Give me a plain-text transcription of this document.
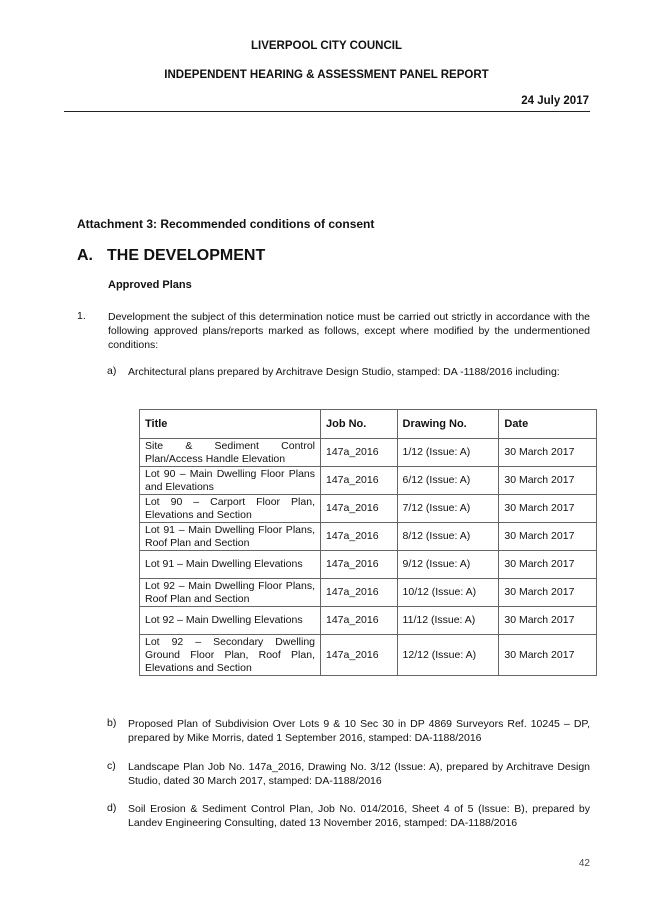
LIVERPOOL CITY COUNCIL
INDEPENDENT HEARING & ASSESSMENT PANEL REPORT
24 July 2017
Attachment 3: Recommended conditions of consent
A. THE DEVELOPMENT
Approved Plans
1. Development the subject of this determination notice must be carried out strictly in accordance with the following approved plans/reports marked as follows, except where modified by the undermentioned conditions:
a) Architectural plans prepared by Architrave Design Studio, stamped: DA -1188/2016 including:
Title	Job No.	Drawing No.	Date
Site & Sediment Control Plan/Access Handle Elevation	147a_2016	1/12 (Issue: A)	30 March 2017
Lot 90 – Main Dwelling Floor Plans and Elevations	147a_2016	6/12 (Issue: A)	30 March 2017
Lot 90 – Carport Floor Plan, Elevations and Section	147a_2016	7/12 (Issue: A)	30 March 2017
Lot 91 – Main Dwelling Floor Plans, Roof Plan and Section	147a_2016	8/12 (Issue: A)	30 March 2017
Lot 91 – Main Dwelling Elevations	147a_2016	9/12 (Issue: A)	30 March 2017
Lot 92 – Main Dwelling Floor Plans, Roof Plan and Section	147a_2016	10/12 (Issue: A)	30 March 2017
Lot 92 – Main Dwelling Elevations	147a_2016	11/12 (Issue: A)	30 March 2017
Lot 92 – Secondary Dwelling Ground Floor Plan, Roof Plan, Elevations and Section	147a_2016	12/12 (Issue: A)	30 March 2017
b) Proposed Plan of Subdivision Over Lots 9 & 10 Sec 30 in DP 4869 Surveyors Ref. 10245 – DP, prepared by Mike Morris, dated 1 September 2016, stamped: DA-1188/2016
c) Landscape Plan Job No. 147a_2016, Drawing No. 3/12 (Issue: A), prepared by Architrave Design Studio, dated 30 March 2017, stamped: DA-1188/2016
d) Soil Erosion & Sediment Control Plan, Job No. 014/2016, Sheet 4 of 5 (Issue: B), prepared by Landev Engineering Consulting, dated 13 November 2016, stamped: DA-1188/2016
42
